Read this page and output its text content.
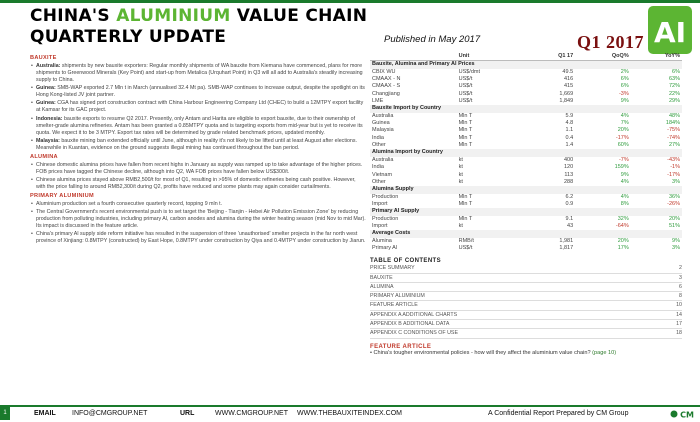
CHINA'S ALUMINIUM VALUE CHAIN
QUARTERLY UPDATE	Published in May 2017	Q1 2017 AI
BAUXITE
• Australia: shipments by new bauxite exporters: Regular monthly shipments of WA bauxite from Kiemana have commenced, plans for more shipments to Greenwood Minerals (Key Point) and start-up from Metalica (Urquhart Point) in Q3 will all add to Australia's steadily increasing supply to China.
• Guinea: SMB-WAP exported 2.7 Mln t in March (annualised 32.4 Mt pa). SMB-WAP continues to increase output, despite the spotlight on its Hong Kong-listed JV joint partner.
• Guinea: CGA has signed port construction contract with China Harbour Engineering Company Ltd (CHEC) to build a 12MTPY export facility at Kamsar for its GAC project.
• Indonesia: bauxite exports to resume Q2 2017. Presently, only Antam and Harita are eligible to export bauxite, due to their ownership of smelter-grade alumina refineries. Antam has been granted a 0.85MTPY quota and is targeting exports from mid-year but is yet to receive its quota. We expect it to be 3 MTPY. Export tax rates will be determined by grade related benchmark prices, updated monthly.
• Malaysia: bauxite mining ban extended officially until June, although in reality it's not likely to be lifted until at least August after elections. Meanwhile in Kuantan, evidence on the ground suggests illegal mining has continued throughout the ban period.
ALUMINA
• Chinese domestic alumina prices have fallen from recent highs in January as supply was ramped up to take advantage of the higher prices. FOB prices have tagged the Chinese decline, although into Q2, WA FOB prices have fallen below US$300/t.
• Chinese alumina prices stayed above RMB2,500/t for most of Q1, resulting in >95% of domestic refineries being cash positive. However, with the price falling to around RMB2,300/t during Q2, profits have reduced and some plants may again consider curtailments.
PRIMARY ALUMINIUM
• Aluminium production set a fourth consecutive quarterly record, topping 9 mln t.
• The Central Government's recent environmental push is to set target the 'Beijing - Tianjin - Hebei Air Pollution Emission Zone' by reducing production from polluting industries, including primary Al, carbon anodes and alumina during the winter heating season (mid Nov to mid Mar). Its impact is discussed in the feature article.
• China's primary Al supply side reform initiative has resulted in the suspension of three 'unauthorised' smelter projects in the far north west province of Xinjiang: 0.8MTPY (constructed) by East Hope, 0.8MTPY under construction by Qiya and 0.4MTPY under construction by Jiarun.
	Unit	Q1 17	QoQ%	YoY%
Bauxite, Alumina and Primary Al Prices				
CBIX WU	US$/dmt	49.5	2%	6%
CMAAX - N	US$/t	416	6%	63%
CMAAX - S	US$/t	415	6%	72%
Changjiang	US$/t	1,669	-3%	22%
LME	US$/t	1,849	9%	29%
Bauxite Import by Country				
Australia	Mln T	5.9	4%	48%
Guinea	Mln T	4.8	7%	184%
Malaysia	Mln T	1.1	20%	-75%
India	Mln T	0.4	-17%	-74%
Other	Mln T	1.4	60%	27%
Alumina Import by Country				
Australia	kt	400	-7%	-43%
India	kt	120	159%	-1%
Vietnam	kt	113	9%	-17%
Other	kt	288	4%	3%
Alumina Supply				
Production	Mln T	6.2	4%	36%
Import	Mln T	0.9	8%	-26%
Primary Al Supply				
Production	Mln T	9.1	32%	20%
Import	kt	43	-64%	51%
Average Costs				
Alumina	RMB/t	1,981	20%	9%
Primary Al	US$/t	1,817	17%	3%
TABLE OF CONTENTS
PRICE SUMMARY	2
BAUXITE	3
ALUMINA	6
PRIMARY ALUMINIUM	8
FEATURE ARTICLE	10
APPENDIX A ADDITIONAL CHARTS	14
APPENDIX B ADDITIONAL DATA	17
APPENDIX C CONDITIONS OF USE	18
FEATURE ARTICLE
• China's tougher environmental policies - how will they affect the aluminium value chain? (page 10)
1	EMAIL INFO@CMGROUP.NET	URL	WWW.CMGROUP.NET WWW.THEBAUXITEINDEX.COM	A Confidential Report Prepared by CM Group	CM
